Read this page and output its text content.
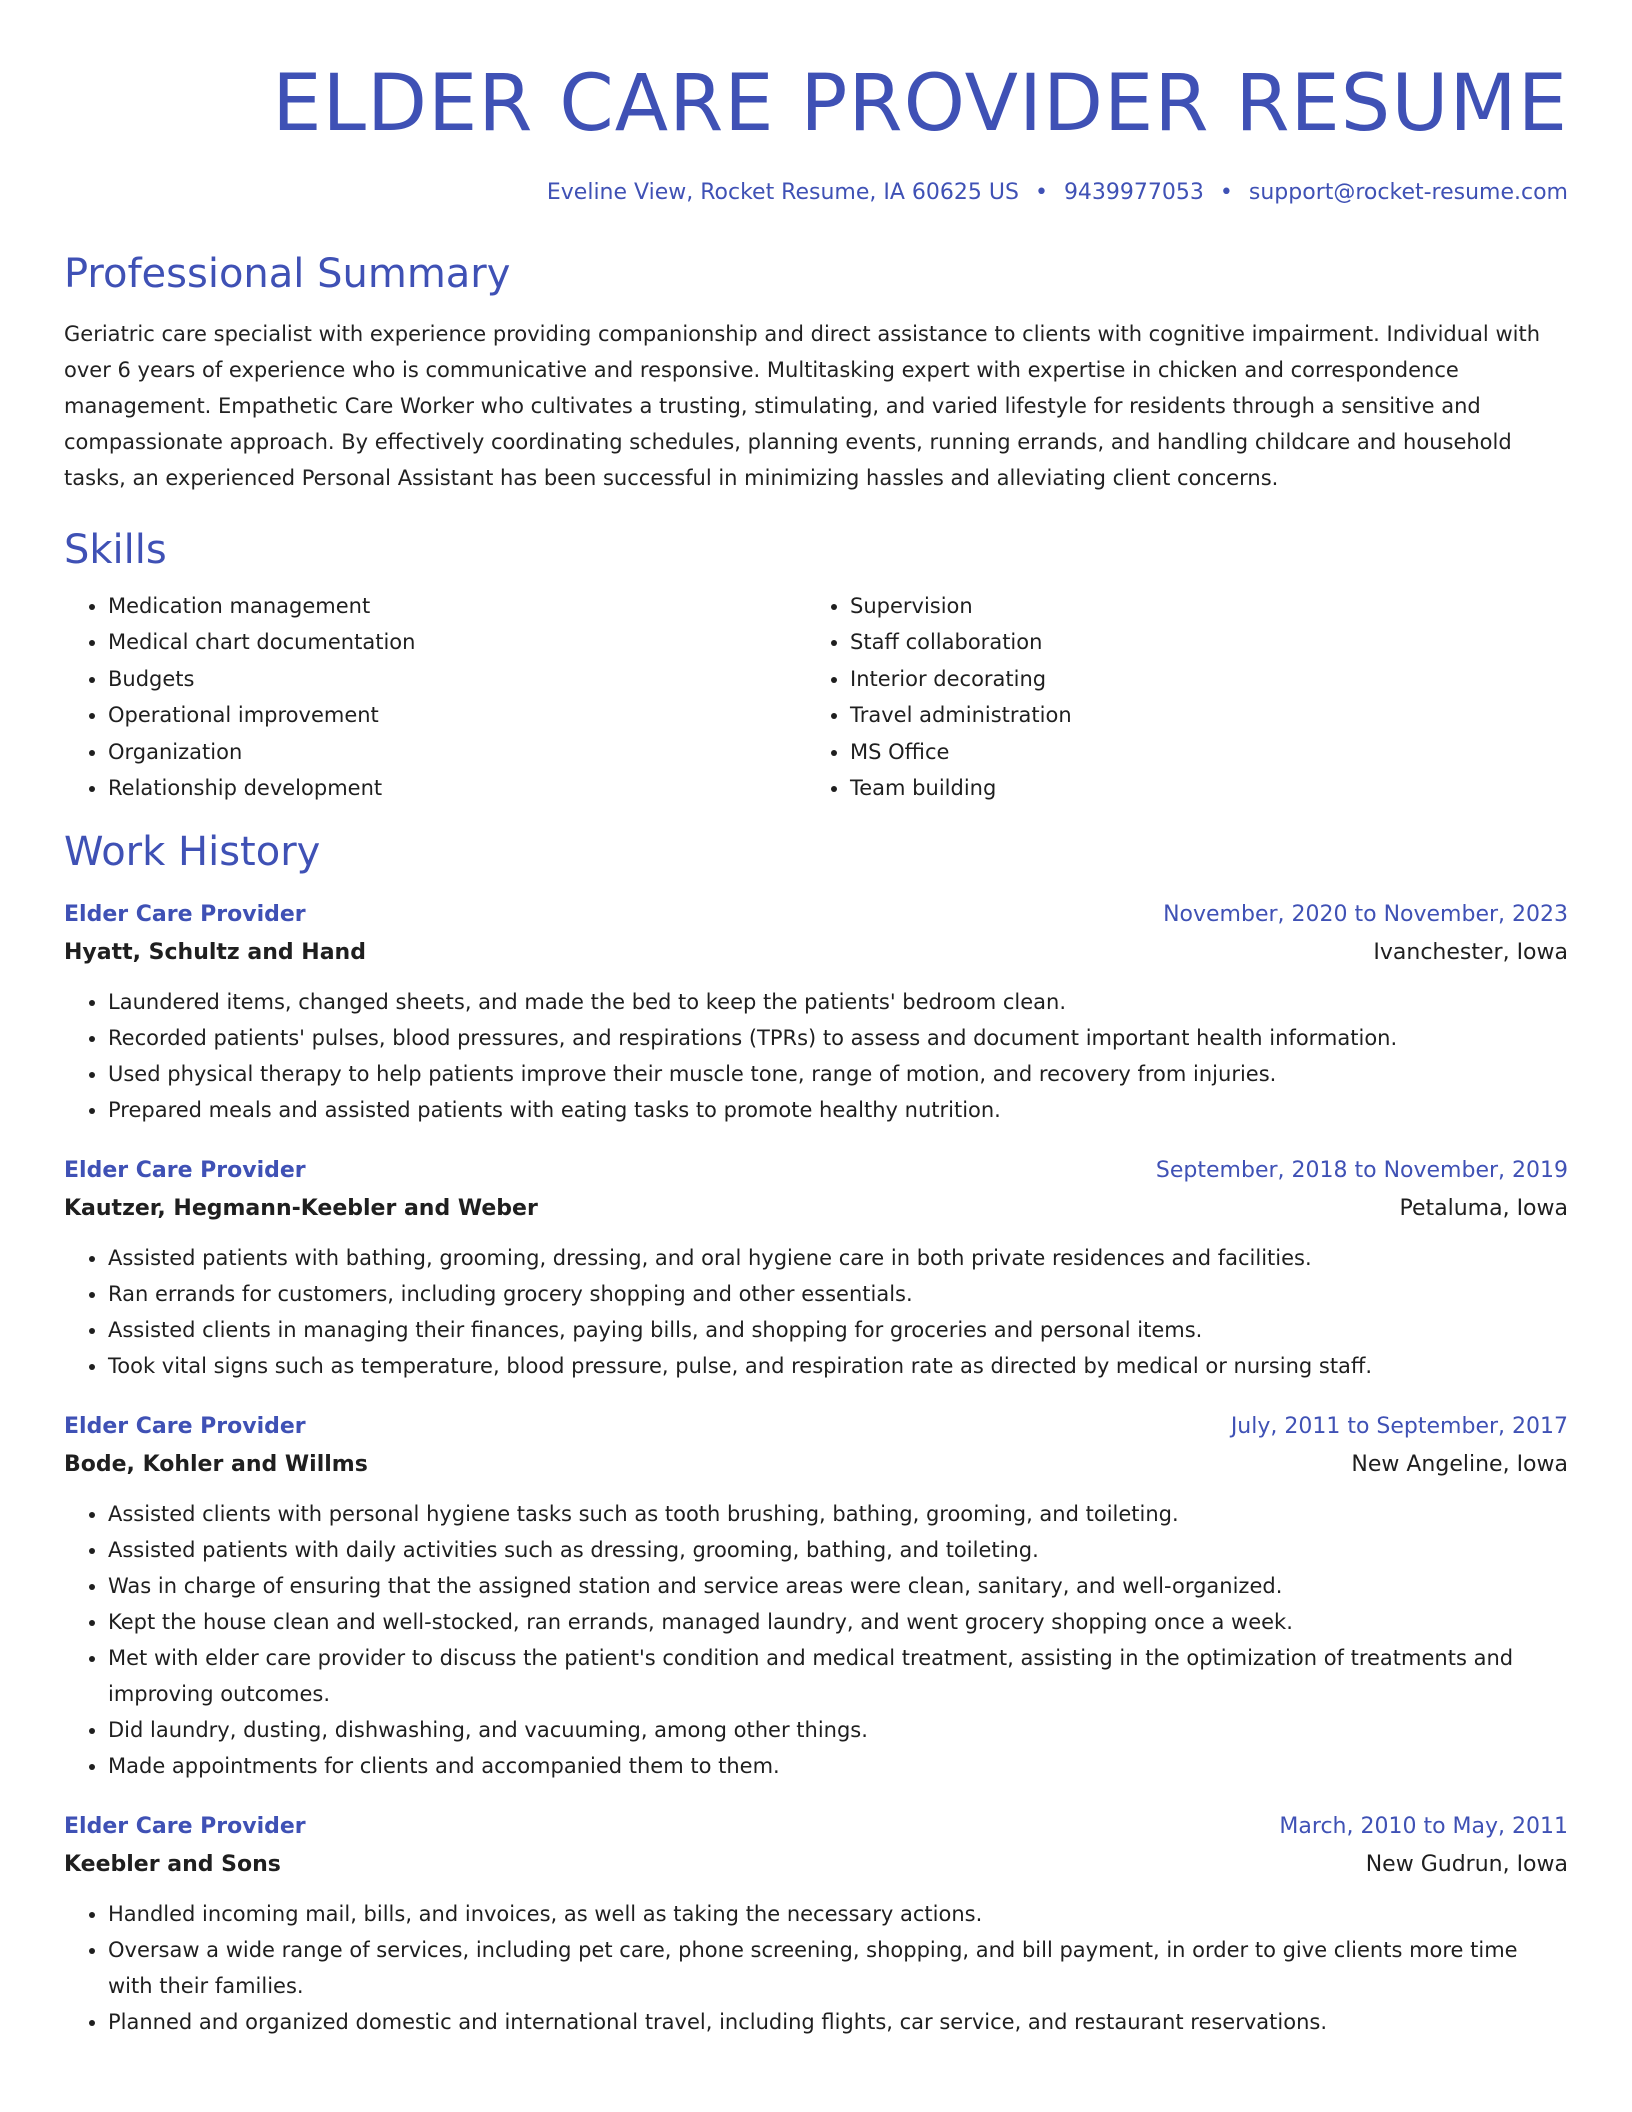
ELDER CARE PROVIDER RESUME
Eveline View, Rocket Resume, IA 60625 US • 9439977053 • support@rocket-resume.com
Professional Summary
Geriatric care specialist with experience providing companionship and direct assistance to clients with cognitive impairment. Individual with over 6 years of experience who is communicative and responsive. Multitasking expert with expertise in chicken and correspondence management. Empathetic Care Worker who cultivates a trusting, stimulating, and varied lifestyle for residents through a sensitive and compassionate approach. By effectively coordinating schedules, planning events, running errands, and handling childcare and household tasks, an experienced Personal Assistant has been successful in minimizing hassles and alleviating client concerns.
Skills
• Medication management
• Medical chart documentation
• Budgets
• Operational improvement
• Organization
• Relationship development
• Supervision
• Staff collaboration
• Interior decorating
• Travel administration
• MS Office
• Team building
Work History
Elder Care Provider	November, 2020 to November, 2023
Hyatt, Schultz and Hand	Ivanchester, Iowa
• Laundered items, changed sheets, and made the bed to keep the patients' bedroom clean.
• Recorded patients' pulses, blood pressures, and respirations (TPRs) to assess and document important health information.
• Used physical therapy to help patients improve their muscle tone, range of motion, and recovery from injuries.
• Prepared meals and assisted patients with eating tasks to promote healthy nutrition.
Elder Care Provider	September, 2018 to November, 2019
Kautzer, Hegmann-Keebler and Weber	Petaluma, Iowa
• Assisted patients with bathing, grooming, dressing, and oral hygiene care in both private residences and facilities.
• Ran errands for customers, including grocery shopping and other essentials.
• Assisted clients in managing their finances, paying bills, and shopping for groceries and personal items.
• Took vital signs such as temperature, blood pressure, pulse, and respiration rate as directed by medical or nursing staff.
Elder Care Provider	July, 2011 to September, 2017
Bode, Kohler and Willms	New Angeline, Iowa
• Assisted clients with personal hygiene tasks such as tooth brushing, bathing, grooming, and toileting.
• Assisted patients with daily activities such as dressing, grooming, bathing, and toileting.
• Was in charge of ensuring that the assigned station and service areas were clean, sanitary, and well-organized.
• Kept the house clean and well-stocked, ran errands, managed laundry, and went grocery shopping once a week.
• Met with elder care provider to discuss the patient's condition and medical treatment, assisting in the optimization of treatments and improving outcomes.
• Did laundry, dusting, dishwashing, and vacuuming, among other things.
• Made appointments for clients and accompanied them to them.
Elder Care Provider	March, 2010 to May, 2011
Keebler and Sons	New Gudrun, Iowa
• Handled incoming mail, bills, and invoices, as well as taking the necessary actions.
• Oversaw a wide range of services, including pet care, phone screening, shopping, and bill payment, in order to give clients more time with their families.
• Planned and organized domestic and international travel, including flights, car service, and restaurant reservations.
